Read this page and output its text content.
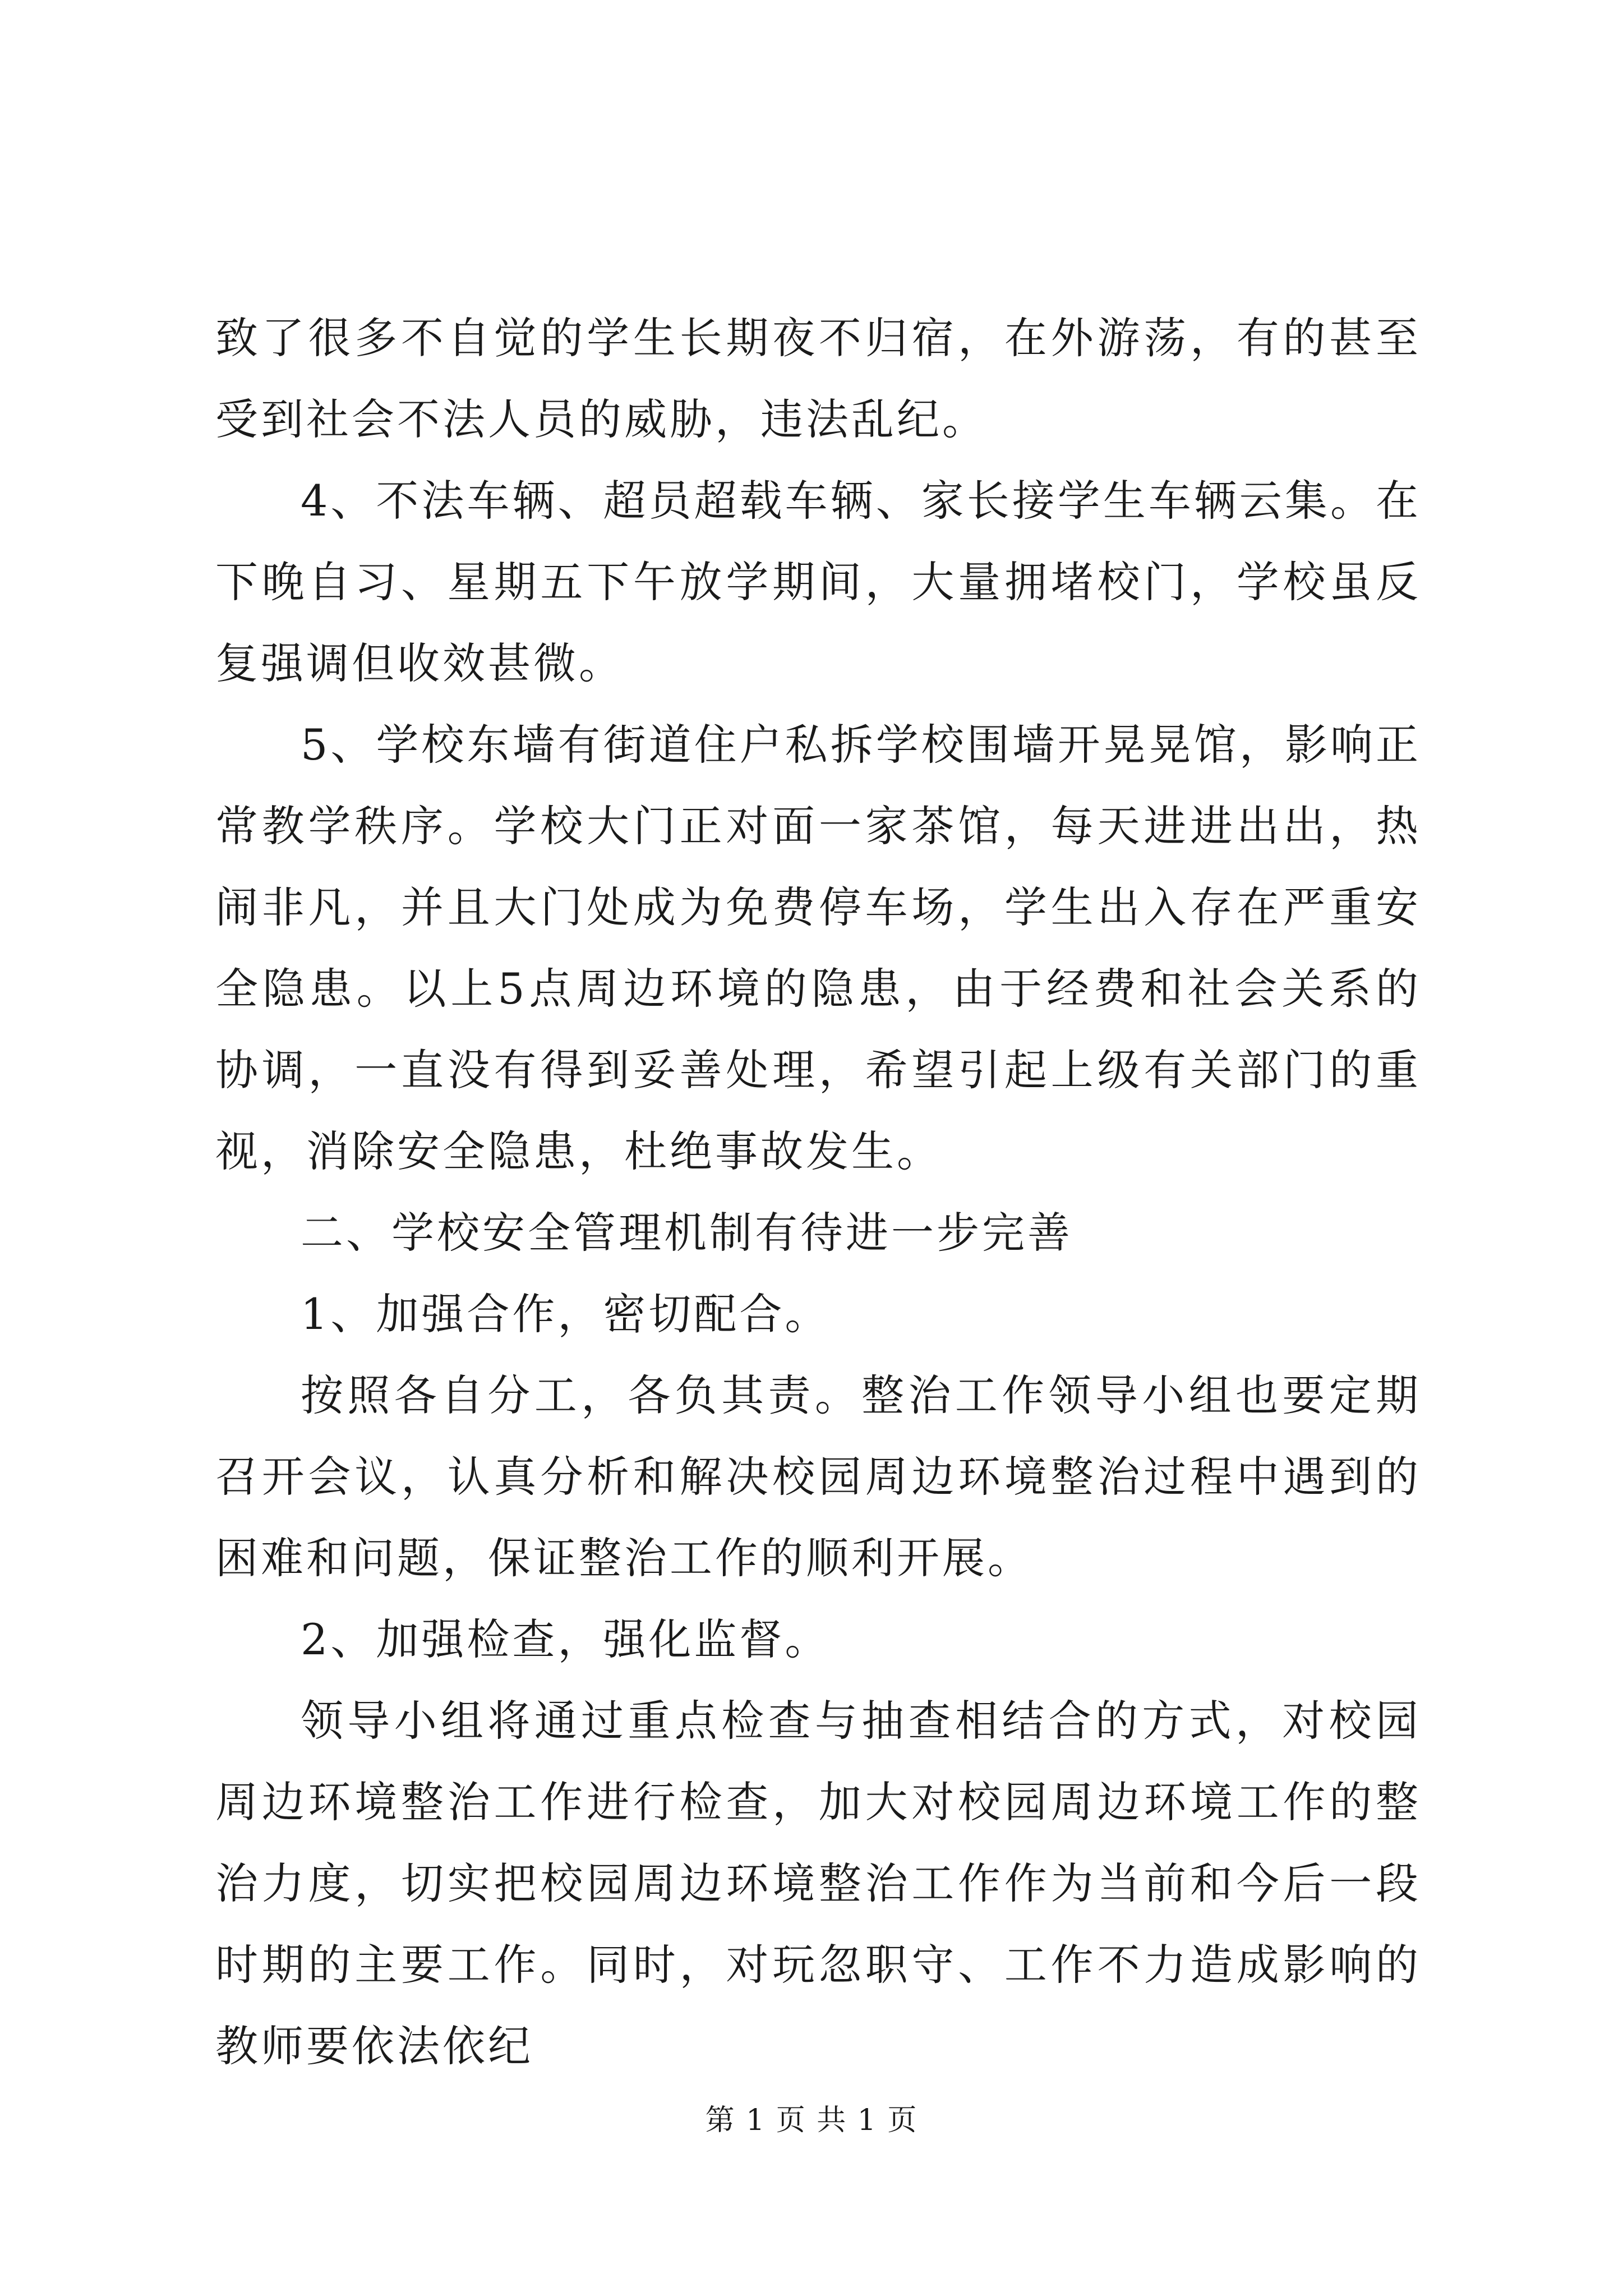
致了很多不自觉的学生长期夜不归宿，在外游荡，有的甚至受到社会不法人员的威胁，违法乱纪。

4、不法车辆、超员超载车辆、家长接学生车辆云集。在下晚自习、星期五下午放学期间，大量拥堵校门，学校虽反复强调但收效甚微。

5、学校东墙有街道住户私拆学校围墙开晃晃馆，影响正常教学秩序。学校大门正对面一家茶馆，每天进进出出，热闹非凡，并且大门处成为免费停车场，学生出入存在严重安全隐患。以上5点周边环境的隐患，由于经费和社会关系的协调，一直没有得到妥善处理，希望引起上级有关部门的重视，消除安全隐患，杜绝事故发生。

二、学校安全管理机制有待进一步完善

1、加强合作，密切配合。

按照各自分工，各负其责。整治工作领导小组也要定期召开会议，认真分析和解决校园周边环境整治过程中遇到的困难和问题，保证整治工作的顺利开展。

2、加强检查，强化监督。

领导小组将通过重点检查与抽查相结合的方式，对校园周边环境整治工作进行检查，加大对校园周边环境工作的整治力度，切实把校园周边环境整治工作作为当前和今后一段时期的主要工作。同时，对玩忽职守、工作不力造成影响的教师要依法依纪

第 1 页 共 1 页
